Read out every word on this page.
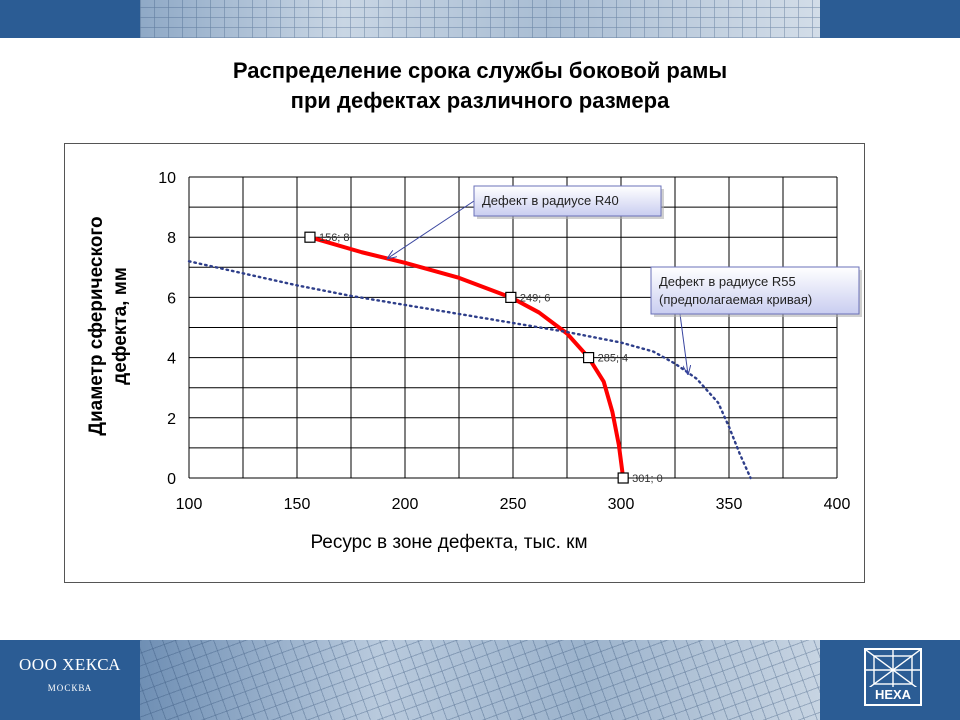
Распределение срока службы боковой рамы
при дефектах различного размера
100	150	200	250	300	350	400
0
2
4
6
8
10
156; 8
249; 6
285; 4
301; 0
Дефект в радиусе R40
Дефект в радиусе R55
(предполагаемая кривая)
Ресурс в зоне дефекта, тыс. км
Диаметр сферического дефекта, мм
ООО ХЕКСА
МОСКВА	HEXA
